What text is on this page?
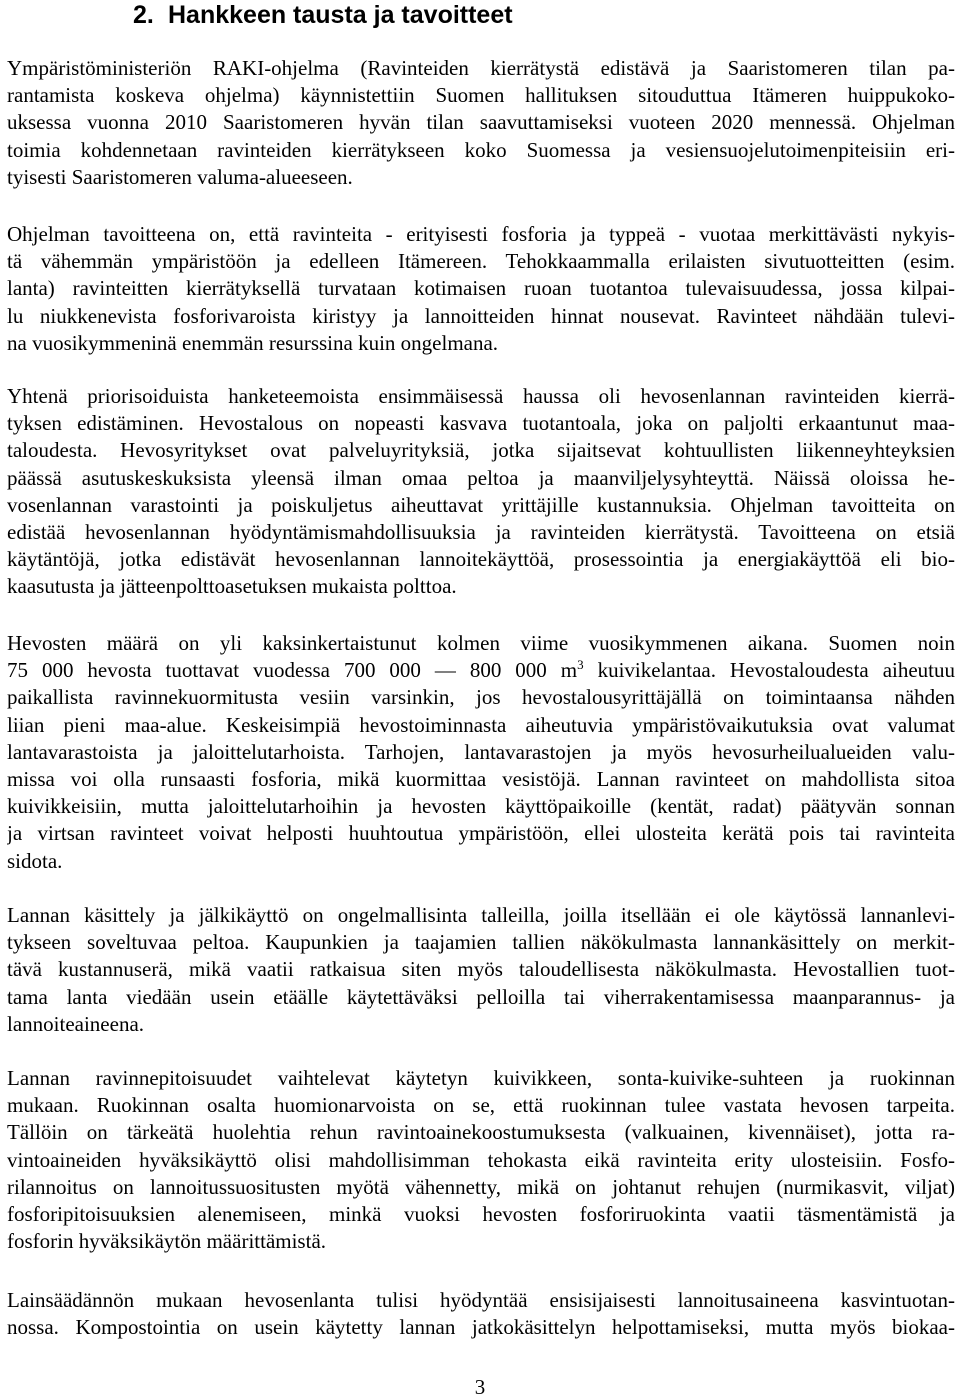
2. Hankkeen tausta ja tavoitteet
Ympäristöministeriön RAKI-ohjelma (Ravinteiden kierrätystä edistävä ja Saaristomeren tilan pa-
rantamista koskeva ohjelma) käynnistettiin Suomen hallituksen sitouduttua Itämeren huippukoko-
uksessa vuonna 2010 Saaristomeren hyvän tilan saavuttamiseksi vuoteen 2020 mennessä. Ohjelman
toimia kohdennetaan ravinteiden kierrätykseen koko Suomessa ja vesiensuojelutoimenpiteisiin eri-
tyisesti Saaristomeren valuma-alueeseen.
Ohjelman tavoitteena on, että ravinteita - erityisesti fosforia ja typpeä - vuotaa merkittävästi nykyis-
tä vähemmän ympäristöön ja edelleen Itämereen. Tehokkaammalla erilaisten sivutuotteitten (esim.
lanta) ravinteitten kierrätyksellä turvataan kotimaisen ruoan tuotantoa tulevaisuudessa, jossa kilpai-
lu niukkenevista fosforivaroista kiristyy ja lannoitteiden hinnat nousevat. Ravinteet nähdään tulevi-
na vuosikymmeninä enemmän resurssina kuin ongelmana.
Yhtenä priorisoiduista hanketeemoista ensimmäisessä haussa oli hevosenlannan ravinteiden kierrä-
tyksen edistäminen. Hevostalous on nopeasti kasvava tuotantoala, joka on paljolti erkaantunut maa-
taloudesta. Hevosyritykset ovat palveluyrityksiä, jotka sijaitsevat kohtuullisten liikenneyhteyksien
päässä asutuskeskuksista yleensä ilman omaa peltoa ja maanviljelysyhteyttä. Näissä oloissa he-
vosenlannan varastointi ja poiskuljetus aiheuttavat yrittäjille kustannuksia. Ohjelman tavoitteita on
edistää hevosenlannan hyödyntämismahdollisuuksia ja ravinteiden kierrätystä. Tavoitteena on etsiä
käytäntöjä, jotka edistävät hevosenlannan lannoitekäyttöä, prosessointia ja energiakäyttöä eli bio-
kaasutusta ja jätteenpolttoasetuksen mukaista polttoa.
Hevosten määrä on yli kaksinkertaistunut kolmen viime vuosikymmenen aikana. Suomen noin
75 000 hevosta tuottavat vuodessa 700 000 — 800 000 $m^3$ kuivikelantaa. Hevostaloudesta aiheutuu
paikallista ravinnekuormitusta vesiin varsinkin, jos hevostalousyrittäjällä on toimintaansa nähden
liian pieni maa-alue. Keskeisimpiä hevostoiminnasta aiheutuvia ympäristövaikutuksia ovat valumat
lantavarastoista ja jaloittelutarhoista. Tarhojen, lantavarastojen ja myös hevosurheilualueiden valu-
missa voi olla runsaasti fosforia, mikä kuormittaa vesistöjä. Lannan ravinteet on mahdollista sitoa
kuivikkeisiin, mutta jaloittelutarhoihin ja hevosten käyttöpaikoille (kentät, radat) päätyvän sonnan
ja virtsan ravinteet voivat helposti huuhtoutua ympäristöön, ellei ulosteita kerätä pois tai ravinteita
sidota.
Lannan käsittely ja jälkikäyttö on ongelmallisinta talleilla, joilla itsellään ei ole käytössä lannanlevi-
tykseen soveltuvaa peltoa. Kaupunkien ja taajamien tallien näkökulmasta lannankäsittely on merkit-
tävä kustannuserä, mikä vaatii ratkaisua siten myös taloudellisesta näkökulmasta. Hevostallien tuot-
tama lanta viedään usein etäälle käytettäväksi pelloilla tai viherrakentamisessa maanparannus- ja
lannoiteaineena.
Lannan ravinnepitoisuudet vaihtelevat käytetyn kuivikkeen, sonta-kuivike-suhteen ja ruokinnan
mukaan. Ruokinnan osalta huomionarvoista on se, että ruokinnan tulee vastata hevosen tarpeita.
Tällöin on tärkeätä huolehtia rehun ravintoainekoostumuksesta (valkuainen, kivennäiset), jotta ra-
vintoaineiden hyväksikäyttö olisi mahdollisimman tehokasta eikä ravinteita erity ulosteisiin. Fosfo-
rilannoitus on lannoitussuositusten myötä vähennetty, mikä on johtanut rehujen (nurmikasvit, viljat)
fosforipitoisuuksien alenemiseen, minkä vuoksi hevosten fosforiruokinta vaatii täsmentämistä ja
fosforin hyväksikäytön määrittämistä.
Lainsäädännön mukaan hevosenlanta tulisi hyödyntää ensisijaisesti lannoitusaineena kasvintuotan-
nossa. Kompostointia on usein käytetty lannan jatkokäsittelyn helpottamiseksi, mutta myös biokaa-
3
